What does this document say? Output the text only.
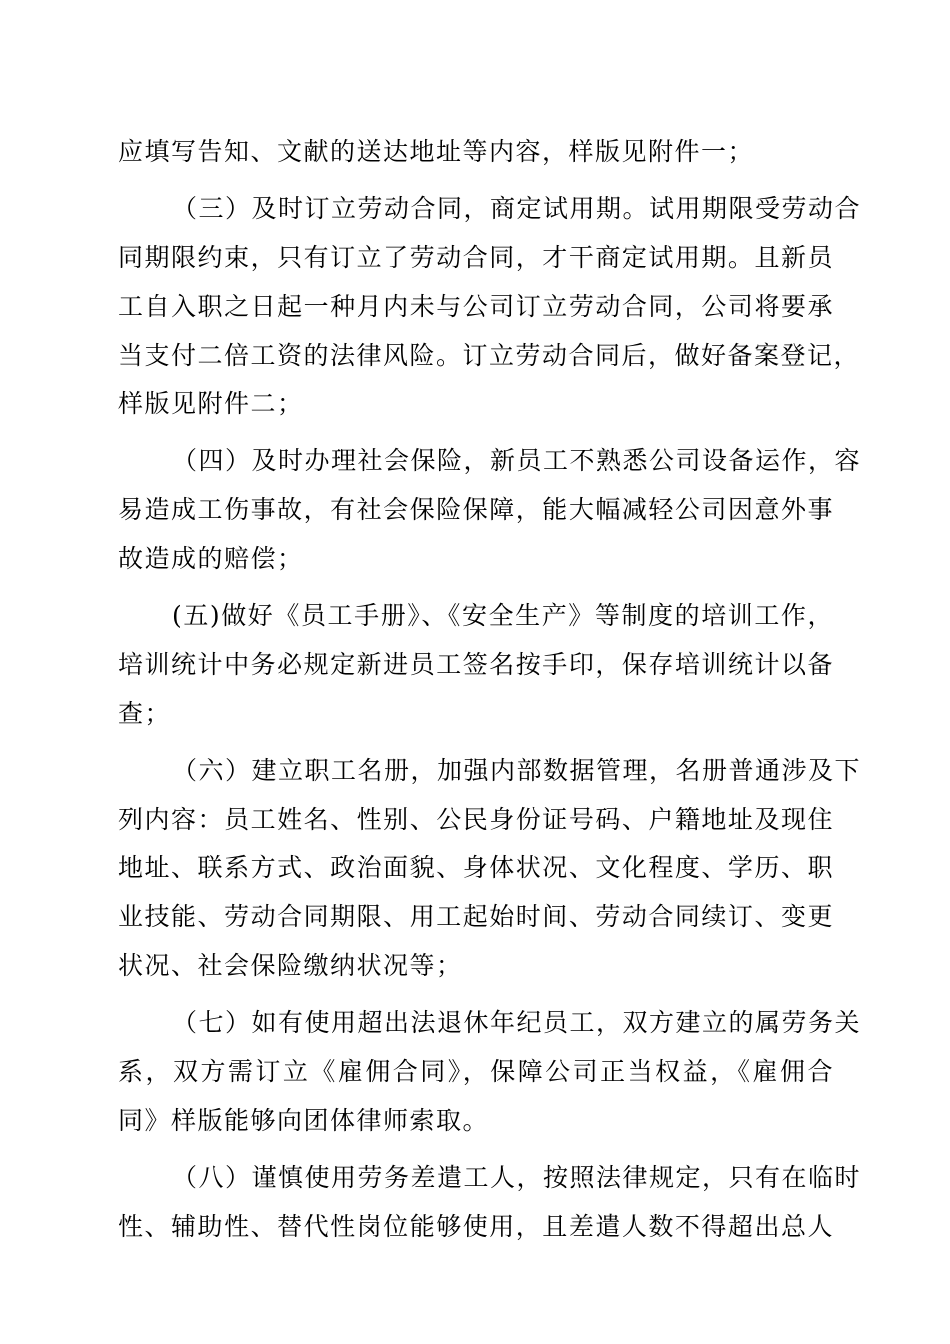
应填写告知、文献的送达地址等内容，样版见附件一；
（三）及时订立劳动合同，商定试用期。试用期限受劳动合
同期限约束，只有订立了劳动合同，才干商定试用期。且新员
工自入职之日起一种月内未与公司订立劳动合同，公司将要承
当支付二倍工资的法律风险。订立劳动合同后，做好备案登记，
样版见附件二；
（四）及时办理社会保险，新员工不熟悉公司设备运作，容
易造成工伤事故，有社会保险保障，能大幅减轻公司因意外事
故造成的赔偿；
(五)做好《员工手册》、《安全生产》等制度的培训工作，
培训统计中务必规定新进员工签名按手印，保存培训统计以备
查；
（六）建立职工名册，加强内部数据管理，名册普通涉及下
列内容：员工姓名、性别、公民身份证号码、户籍地址及现住
地址、联系方式、政治面貌、身体状况、文化程度、学历、职
业技能、劳动合同期限、用工起始时间、劳动合同续订、变更
状况、社会保险缴纳状况等；
（七）如有使用超出法退休年纪员工，双方建立的属劳务关
系，双方需订立《雇佣合同》，保障公司正当权益，《雇佣合
同》样版能够向团体律师索取。
（八）谨慎使用劳务差遣工人，按照法律规定，只有在临时
性、辅助性、替代性岗位能够使用，且差遣人数不得超出总人
